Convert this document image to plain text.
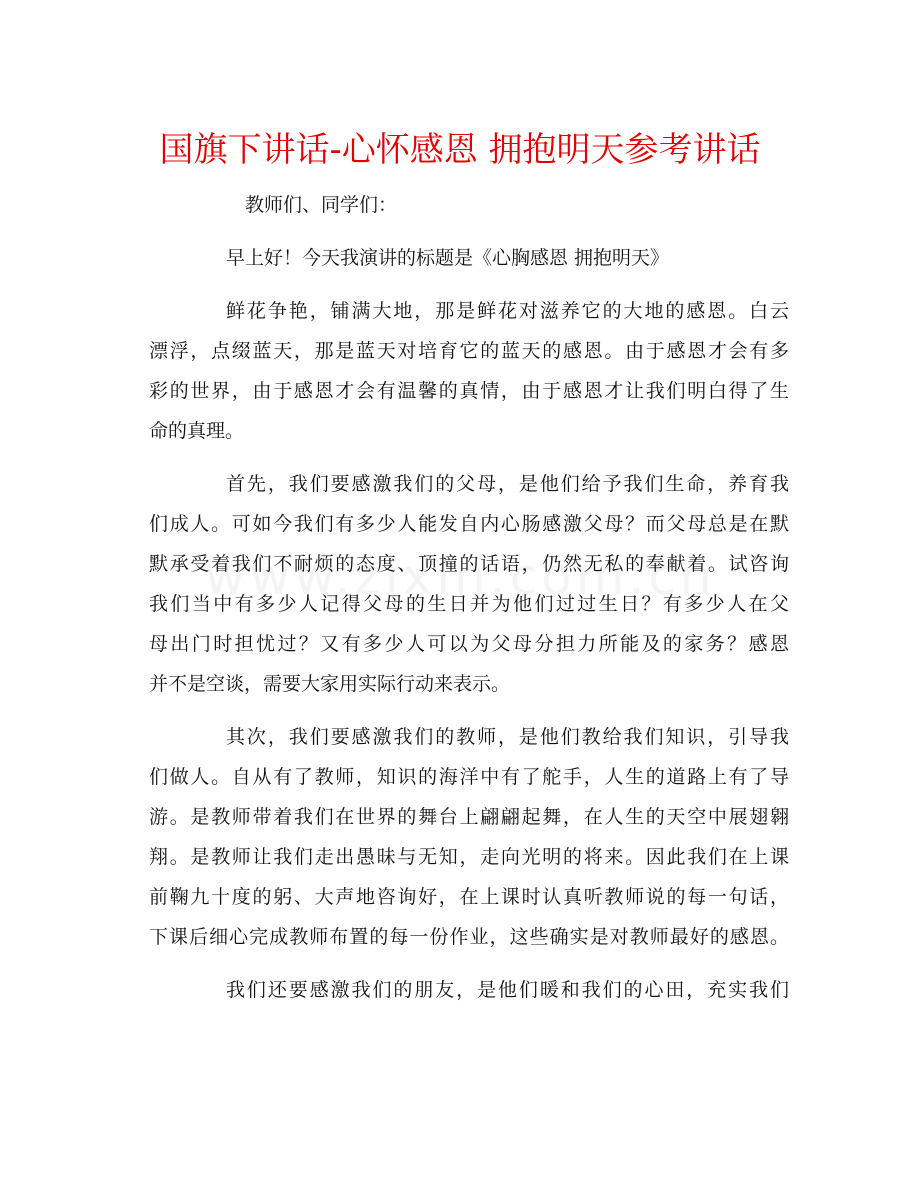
国旗下讲话-心怀感恩 拥抱明天参考讲话
教师们、同学们：
早上好！今天我演讲的标题是《心胸感恩 拥抱明天》
鲜花争艳，铺满大地，那是鲜花对滋养它的大地的感恩。白云
漂浮，点缀蓝天，那是蓝天对培育它的蓝天的感恩。由于感恩才会有多
彩的世界，由于感恩才会有温馨的真情，由于感恩才让我们明白得了生
命的真理。
首先，我们要感激我们的父母，是他们给予我们生命，养育我
们成人。可如今我们有多少人能发自内心肠感激父母？而父母总是在默
默承受着我们不耐烦的态度、顶撞的话语，仍然无私的奉献着。试咨询
我们当中有多少人记得父母的生日并为他们过过生日？有多少人在父
母出门时担忧过？又有多少人可以为父母分担力所能及的家务？感恩
并不是空谈，需要大家用实际行动来表示。
其次，我们要感激我们的教师，是他们教给我们知识，引导我
们做人。自从有了教师，知识的海洋中有了舵手，人生的道路上有了导
游。是教师带着我们在世界的舞台上翩翩起舞，在人生的天空中展翅翱
翔。是教师让我们走出愚昧与无知，走向光明的将来。因此我们在上课
前鞠九十度的躬、大声地咨询好，在上课时认真听教师说的每一句话，
下课后细心完成教师布置的每一份作业，这些确实是对教师最好的感恩。
我们还要感激我们的朋友，是他们暖和我们的心田，充实我们
